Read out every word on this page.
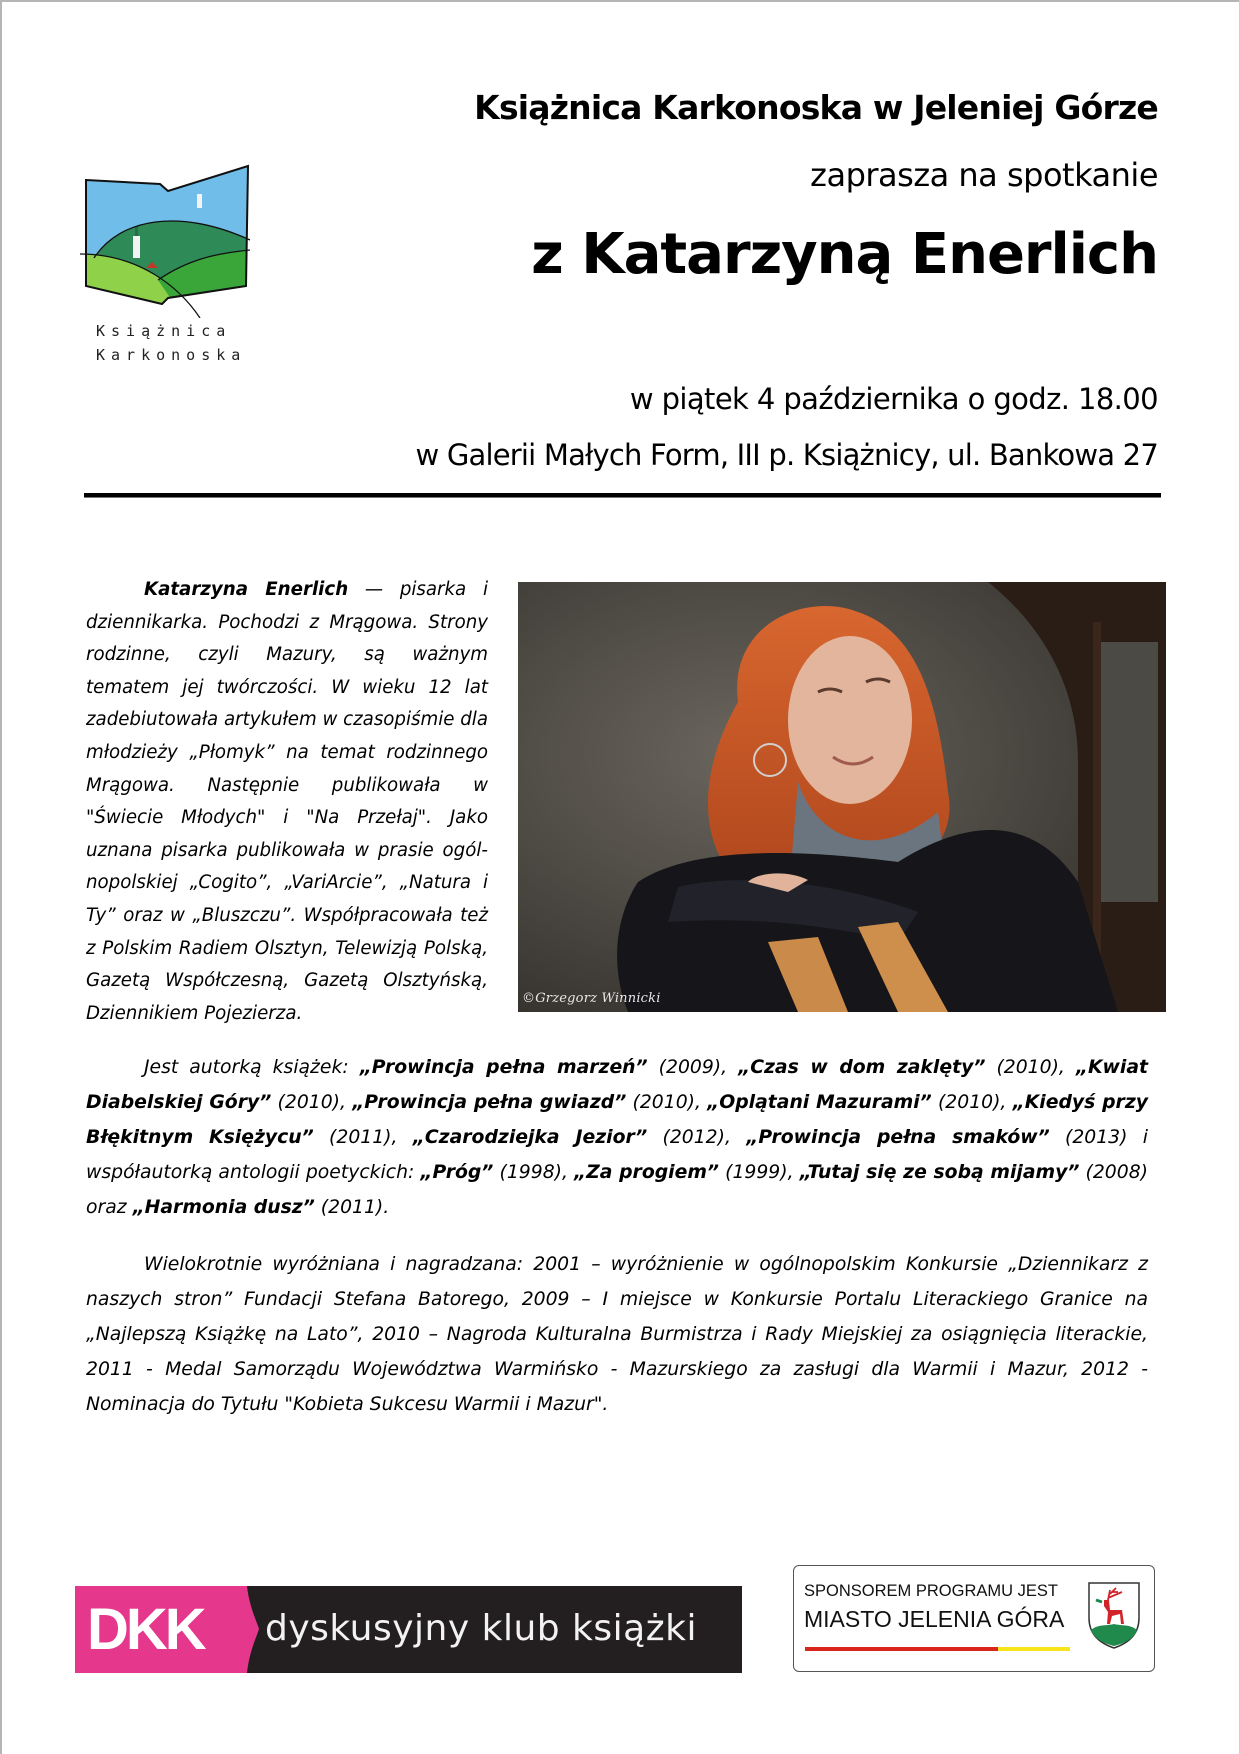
Książnica
Karkonoska
Książnica Karkonoska w Jeleniej Górze
zaprasza na spotkanie
z Katarzyną Enerlich
w piątek 4 października o godz. 18.00
w Galerii Małych Form, III p. Książnicy, ul. Bankowa 27

Katarzyna Enerlich — pisarka i dziennikarka. Pochodzi z Mrągowa. Strony rodzinne, czyli Mazury, są ważnym tematem jej twórczości. W wieku 12 lat zadebiutowała artykułem w czasopiśmie dla młodzieży „Płomyk” na temat rodzinnego Mrągowa. Następnie publikowała w "Świecie Młodych" i "Na Przełaj". Jako uznana pisarka publikowała w prasie ogólnopolskiej „Cogito”, „VariArcie”, „Natura i Ty” oraz w „Bluszczu”. Współpracowała też z Polskim Radiem Olsztyn, Telewizją Polską, Gazetą Współczesną, Gazetą Olsztyńską, Dziennikiem Pojezierza.

©Grzegorz Winnicki

Jest autorką książek: „Prowincja pełna marzeń” (2009), „Czas w dom zaklęty” (2010), „Kwiat Diabelskiej Góry” (2010), „Prowincja pełna gwiazd” (2010), „Oplątani Mazurami” (2010), „Kiedyś przy Błękitnym Księżycu” (2011), „Czarodziejka Jezior” (2012), „Prowincja pełna smaków” (2013) i współautorką antologii poetyckich: „Próg” (1998), „Za progiem” (1999), „Tutaj się ze sobą mijamy” (2008) oraz „Harmonia dusz” (2011).

Wielokrotnie wyróżniana i nagradzana: 2001 – wyróżnienie w ogólnopolskim Konkursie „Dziennikarz z naszych stron” Fundacji Stefana Batorego, 2009 – I miejsce w Konkursie Portalu Literackiego Granice na „Najlepszą Książkę na Lato”, 2010 – Nagroda Kulturalna Burmistrza i Rady Miejskiej za osiągnięcia literackie, 2011 - Medal Samorządu Województwa Warmińsko - Mazurskiego za zasługi dla Warmii i Mazur, 2012 - Nominacja do Tytułu "Kobieta Sukcesu Warmii i Mazur".

DKK dyskusyjny klub książki
SPONSOREM PROGRAMU JEST
MIASTO JELENIA GÓRA
